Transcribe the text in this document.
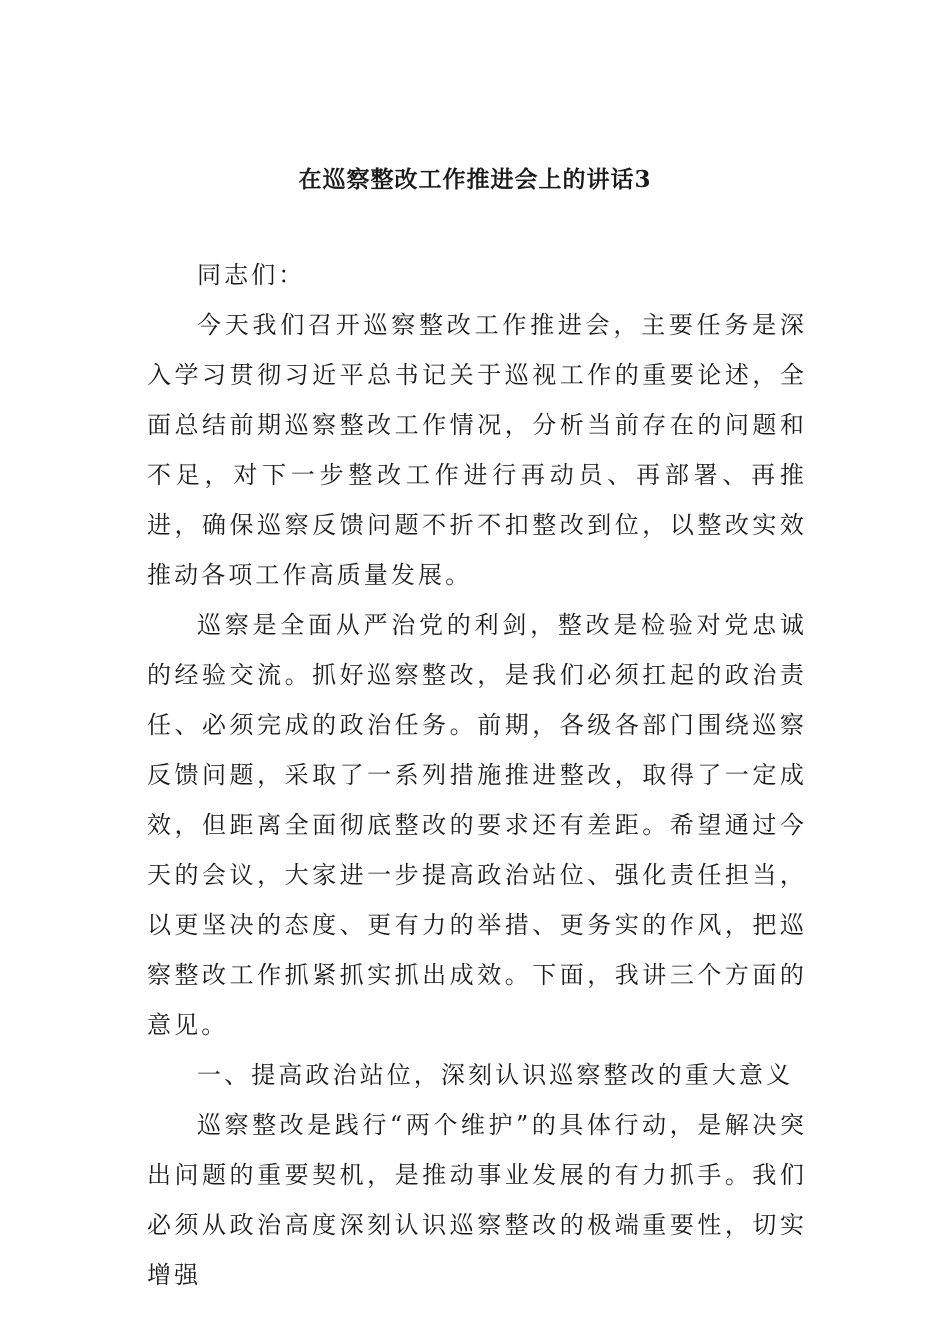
在巡察整改工作推进会上的讲话3

同志们：

今天我们召开巡察整改工作推进会，主要任务是深入学习贯彻习近平总书记关于巡视工作的重要论述，全面总结前期巡察整改工作情况，分析当前存在的问题和不足，对下一步整改工作进行再动员、再部署、再推进，确保巡察反馈问题不折不扣整改到位，以整改实效推动各项工作高质量发展。

巡察是全面从严治党的利剑，整改是检验对党忠诚的经验交流。抓好巡察整改，是我们必须扛起的政治责任、必须完成的政治任务。前期，各级各部门围绕巡察反馈问题，采取了一系列措施推进整改，取得了一定成效，但距离全面彻底整改的要求还有差距。希望通过今天的会议，大家进一步提高政治站位、强化责任担当，以更坚决的态度、更有力的举措、更务实的作风，把巡察整改工作抓紧抓实抓出成效。下面，我讲三个方面的意见。

一、提高政治站位，深刻认识巡察整改的重大意义

巡察整改是践行“两个维护”的具体行动，是解决突出问题的重要契机，是推动事业发展的有力抓手。我们必须从政治高度深刻认识巡察整改的极端重要性，切实增强
